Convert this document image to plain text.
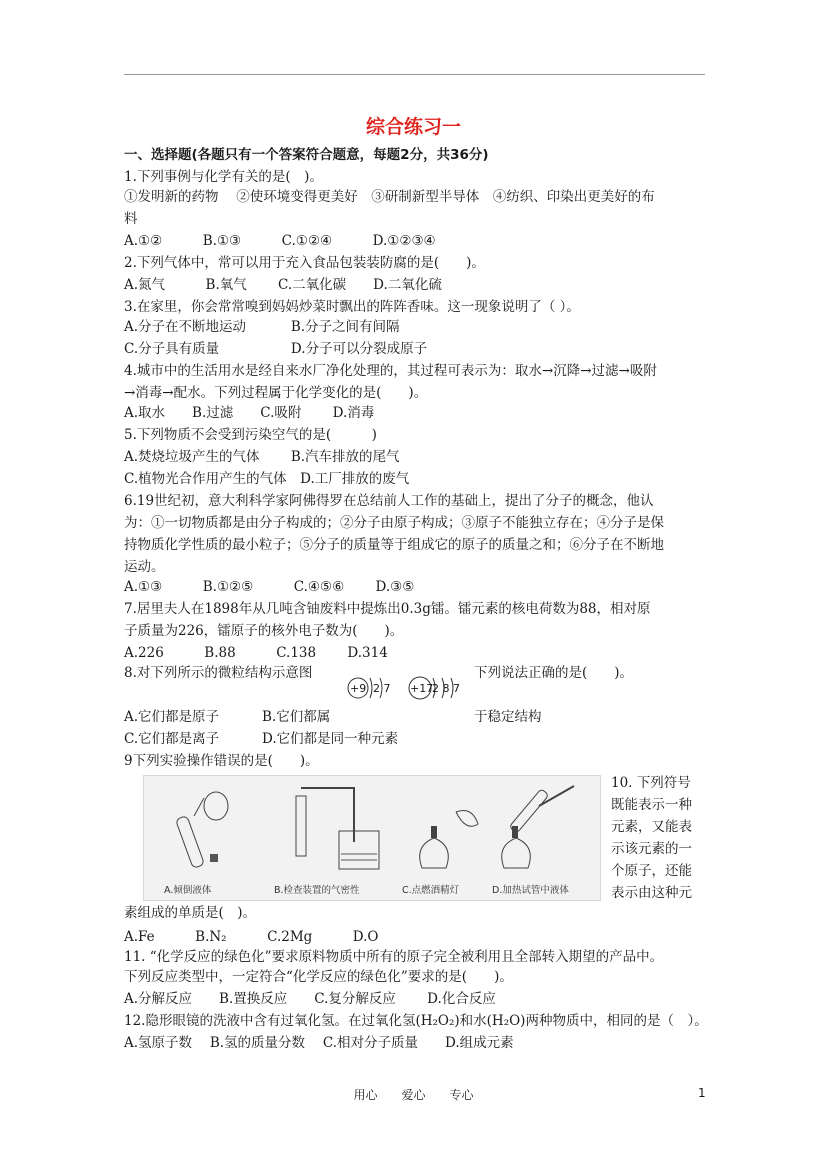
综合练习一
一、选择题(各题只有一个答案符合题意，每题2分，共36分)
1.下列事例与化学有关的是(　)。
①发明新的药物　 ②使环境变得更美好　③研制新型半导体　④纺织、印染出更美好的布
料
A.①②　　　B.①③　　　C.①②④　　　D.①②③④
2.下列气体中，常可以用于充入食品包装装防腐的是(　　)。
A.氮气　　　B.氧气　　 C.二氧化碳　　D.二氧化硫
3.在家里，你会常常嗅到妈妈炒菜时飘出的阵阵香味。这一现象说明了（ ）。
A.分子在不断地运动　　　 B.分子之间有间隔
C.分子具有质量　　　　　 D.分子可以分裂成原子
4.城市中的生活用水是经自来水厂净化处理的，其过程可表示为：取水→沉降→过滤→吸附
→消毒→配水。下列过程属于化学变化的是(　　)。
A.取水　　B.过滤　　C.吸附　　 D.消毒
5.下列物质不会受到污染空气的是(　　　)
A.焚烧垃圾产生的气体　　 B.汽车排放的尾气
C.植物光合作用产生的气体　D.工厂排放的废气
6.19世纪初，意大利科学家阿佛得罗在总结前人工作的基础上，提出了分子的概念，他认
为：①一切物质都是由分子构成的；②分子由原子构成；③原子不能独立存在；④分子是保
持物质化学性质的最小粒子；⑤分子的质量等于组成它的原子的质量之和；⑥分子在不断地
运动。
A.①③　　　B.①②⑤　　　C.④⑤⑥　　 D.③⑤
7.居里夫人在1898年从几吨含铀废料中提炼出0.3g镭。镭元素的核电荷数为88，相对原
子质量为226，镭原子的核外电子数为(　　)。
A.226　　　B.88　　　C.138　　 D.314
8.对下列所示的微粒结构示意图	下列说法正确的是(　　)。
+9 2 7 +17
2 8 7
A.它们都是原子	B.它们都属	于稳定结构
C.它们都是离子	D.它们都是同一种元素
9下列实验操作错误的是(　　)。
A.倾倒液体	B.检查装置的气密性	C.点燃酒精灯	D.加热试管中液体
10. 下列符号
既能表示一种
元素，又能表
示该元素的一
个原子，还能
表示由这种元
素组成的单质是(　)。
A.Fe　　　B.N₂　　　C.2Mg　　　D.O
11. “化学反应的绿色化”要求原料物质中所有的原子完全被利用且全部转入期望的产品中。
下列反应类型中，一定符合“化学反应的绿色化”要求的是(　　)。
A.分解反应　　B.置换反应　　C.复分解反应　　 D.化合反应
12.隐形眼镜的洗液中含有过氧化氢。在过氧化氢(H₂O₂)和水(H₂O)两种物质中，相同的是（　）。
A.氢原子数　 B.氢的质量分数　 C.相对分子质量　　D.组成元素
用心　　爱心　　专心	1
